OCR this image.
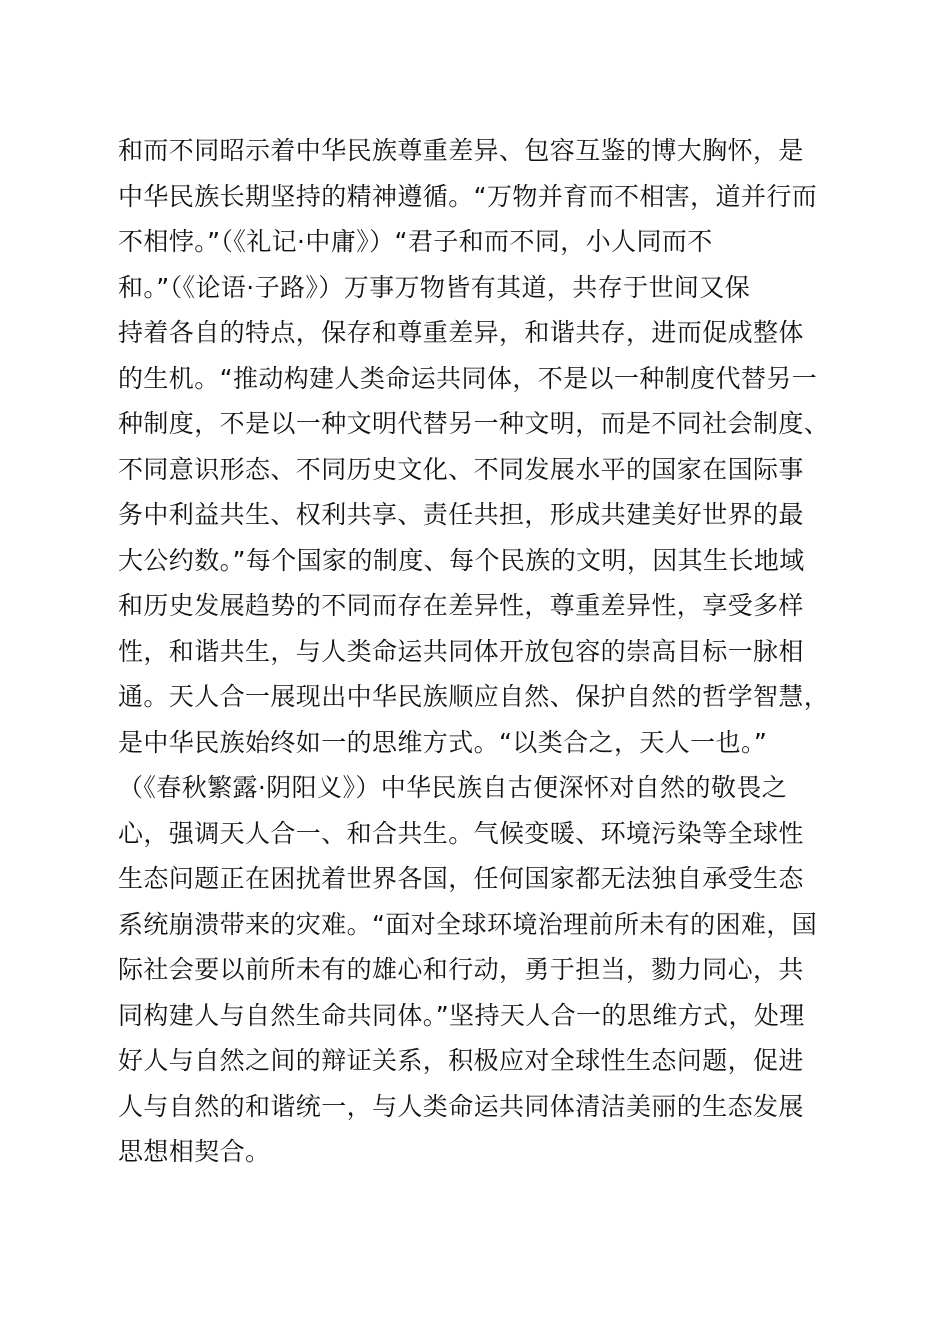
和而不同昭示着中华民族尊重差异、包容互鉴的博大胸怀，是
中华民族长期坚持的精神遵循。“万物并育而不相害，道并行而
不相悖。”（《礼记·中庸》）“君子和而不同，小人同而不
和。”（《论语·子路》）万事万物皆有其道，共存于世间又保
持着各自的特点，保存和尊重差异，和谐共存，进而促成整体
的生机。“推动构建人类命运共同体，不是以一种制度代替另一
种制度，不是以一种文明代替另一种文明，而是不同社会制度、
不同意识形态、不同历史文化、不同发展水平的国家在国际事
务中利益共生、权利共享、责任共担，形成共建美好世界的最
大公约数。”每个国家的制度、每个民族的文明，因其生长地域
和历史发展趋势的不同而存在差异性，尊重差异性，享受多样
性，和谐共生，与人类命运共同体开放包容的崇高目标一脉相
通。天人合一展现出中华民族顺应自然、保护自然的哲学智慧，
是中华民族始终如一的思维方式。“以类合之，天人一也。”
（《春秋繁露·阴阳义》）中华民族自古便深怀对自然的敬畏之
心，强调天人合一、和合共生。气候变暖、环境污染等全球性
生态问题正在困扰着世界各国，任何国家都无法独自承受生态
系统崩溃带来的灾难。“面对全球环境治理前所未有的困难，国
际社会要以前所未有的雄心和行动，勇于担当，勠力同心，共
同构建人与自然生命共同体。”坚持天人合一的思维方式，处理
好人与自然之间的辩证关系，积极应对全球性生态问题，促进
人与自然的和谐统一，与人类命运共同体清洁美丽的生态发展
思想相契合。
